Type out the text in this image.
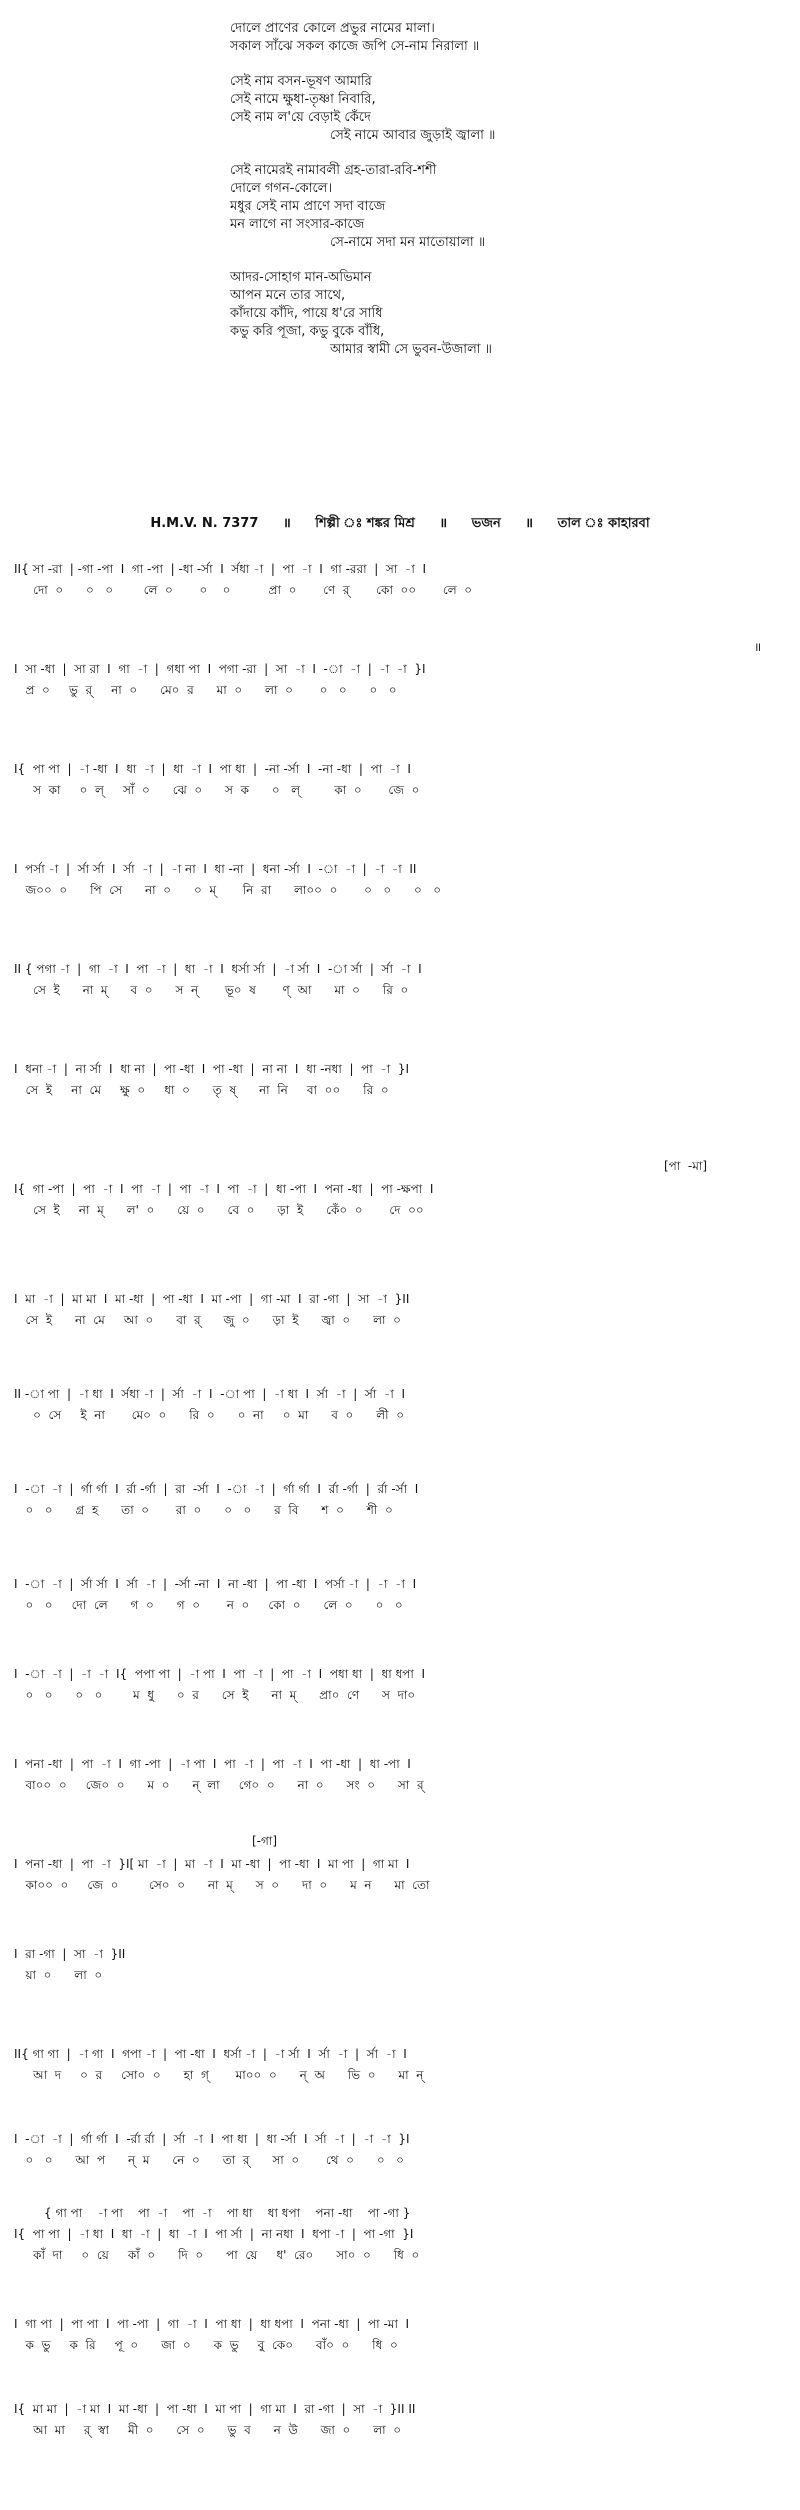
দোলে প্রাণের কোলে প্রভুর নামের মালা।
সকাল সাঁঝে সকল কাজে জপি সে-নাম নিরালা ॥
সেই নাম বসন-ভূষণ আমারি
সেই নামে ক্ষুধা-তৃষ্ণা নিবারি,
সেই নাম ল'য়ে বেড়াই কেঁদে
সেই নামে আবার জুড়াই জ্বালা ॥
সেই নামেরই নামাবলী গ্রহ-তারা-রবি-শশী
দোলে গগন-কোলে।
মধুর সেই নাম প্রাণে সদা বাজে
মন লাগে না সংসার-কাজে
সে-নামে সদা মন মাতোয়ালা ॥
আদর-সোহাগ মান-অভিমান
আপন মনে তার সাথে,
কাঁদায়ে কাঁদি, পায়ে ধ'রে সাধি
কভু করি পূজা, কভু বুকে বাঁধি,
আমার স্বামী সে ভুবন-উজালা ॥
H.M.V. N. 7377 ॥ শিল্পী ঃ শঙ্কর মিশ্র ॥ ভজন ॥ তাল ঃ কাহারবা
II{ সা -রা  | -গা -পা  I  গা -পা  | -ধা -র্সা  I  র্সধা -া  |  পা  -া  I  গা -ররা  |  সা  -া  I
দো  ০      ০   ০        লে  ০       ০    ০          প্রা  ০       ণে  র্       কো  ০০       লে  ০
॥
I  সা -ধা  |  সা রা  I  গা  -া  |  গধা পা  I  পগা -রা  |  সা  -া  I  -া  -া  |  -া  -া  }I
প্র  ০     ভু  র্     না  ০      মে০  র      মা  ০      লা  ০       ০   ০      ০   ০
I{  পা পা  |  -া -ধা  I  ধা  -া  |  ধা  -া  I  পা ধা  |  -না -র্সা  I  -না -ধা  |  পা  -া  I
স  কা     ০  ল্     সাঁ  ০      ঝে  ০      স  ক      ০   ল্         কা  ০       জে  ০
I  পর্সা -া  |  র্সা র্সা  I  র্সা  -া  |  -া না  I  ধা -না  |  ধনা -র্সা  I  -া  -া  |  -া  -া  II
জ০০  ০      পি  সে      না  ০      ০  ম্       নি  রা      লা০০  ০       ০   ০      ০   ০
II { পগা -া  |  গা  -া  I  পা  -া  |  ধা  -া  I  ধর্সা র্সা  |  -া র্সা  I  -া র্সা  |  র্সা  -া  I
সে  ই      না  ম্      ব  ০      স  ন্       ভূ০  ষ       ণ্  আ      মা  ০      রি  ০
I  ধনা -া  |  না র্সা  I  ধা না  |  পা -ধা  I  পা -ধা  |  না না  I  ধা -নধা  |  পা  -া  }I
সে  ই     না  মে     ক্ষু  ০     ধা  ০      তৃ  ষ্      না  নি     বা  ০০      রি  ০
[পা  -মা]
I{  গা -পা  |  পা  -া  I  পা  -া  |  পা  -া  I  পা  -া  |  ধা -পা  I  পনা -ধা  |  পা -ক্ষপা  I
সে  ই     না  ম্      ল'  ০      য়ে  ০      বে  ০      ড়া  ই      কেঁ০  ০       দে  ০০
I  মা  -া  |  মা মা  I  মা -ধা  |  পা -ধা  I  মা -পা  |  গা -মা  I  রা -গা  |  সা  -া  }II
সে  ই      না  মে     আ  ০      বা  র্      জু  ০      ড়া  ই      জ্বা  ০      লা  ০
II -া পা  |  -া ধা  I  র্সধা -া  |  র্সা  -া  I  -া পা  |  -া ধা  I  র্সা  -া  |  র্সা  -া  I
০  সে     ই  না       মে০  ০      রি  ০      ০  না     ০  মা      ব  ০      লী  ০
I  -া  -া  |  র্গা র্গা  I  র্রা -র্গা  |  রা  -র্সা  I  -া  -া  |  র্গা র্গা  I  র্রা -র্গা  |  র্রা -র্সা  I
০   ০      গ্র  হ      তা  ০       রা  ০      ০   ০      র  বি      শ  ০      শী  ০
I  -া  -া  |  র্সা র্সা  I  র্সা  -া  |  -র্সা -না  I  না -ধা  |  পা -ধা  I  পর্সা -া  |  -া  -া  I
০   ০     দো  লে      গ  ০      গ  ০       ন  ০     কো  ০      লে  ০      ০   ০
I  -া  -া  |  -া  -া  I{  পপা পা  |  -া পা  I  পা  -া  |  পা  -া  I  পধা ধা  |  ধা ধপা  I
০   ০      ০   ০        ম  ধু      ০  র      সে  ই      না  ম্      প্রা০  ণে      স  দা০
I  পনা -ধা  |  পা  -া  I  গা -পা  |  -া পা  I  পা  -া  |  পা  -া  I  পা -ধা  |  ধা -পা  I
বা০০  ০     জে০  ০      ম  ০      ন্  লা     গে০  ০      না  ০      সং  ০      সা  র্
[-গা]
I  পনা -ধা  |  পা  -া  }I[ মা  -া  |  মা  -া  I  মা -ধা  |  পা -ধা  I  মা পা  |  গা মা  I
কা০০  ০     জে  ০        সে০  ০      না  ম্      স  ০      দা  ০      ম  ন      মা  তো
I  রা -গা  |  সা  -া  }II
য়া  ০      লা  ০
II{ গা গা  |  -া গা  I  গপা -া  |  পা -ধা  I  ধর্সা -া  |  -া র্সা  I  র্সা  -া  |  র্সা  -া  I
আ  দ     ০  র     সো০  ০      হা  গ্       মা০০  ০      ন্  অ      ভি  ০      মা  ন্
I  -া  -া  |  র্গা র্গা  I  -র্রা র্রা  |  র্সা  -া  I  পা ধা  |  ধা -র্সা  I  র্সা  -া  |  -া  -া  }I
০   ০      আ  প      ন্  ম      নে  ০      তা  র্      সা  ০       থে  ০      ০   ০
{ গা পা    -া পা    পা  -া    পা  -া    পা ধা    ধা ধপা    পনা -ধা    পা -গা }
I{  পা পা  |  -া ধা  I  ধা  -া  |  ধা  -া  I  পা র্সা  |  না নধা  I  ধপা -া  |  পা -গা  }I
কাঁ  দা     ০  য়ে     কাঁ  ০      দি  ০      পা  য়ে     ধ'  রে০      সা০  ০      ধি  ০
I  গা পা  |  পা পা  I  পা -পা  |  গা  -া  I  পা ধা  |  ধা ধপা  I  পনা -ধা  |  পা -মা  I
ক  ভু     ক  রি     পূ  ০      জা  ০      ক  ভু     বু  কে০      বাঁ০  ০      ধি  ০
I{  মা মা  |  -া মা  I  মা -ধা  |  পা -ধা  I  মা পা  |  গা মা  I  রা -গা  |  সা  -া  }II II
আ  মা     র্  স্বা     মী  ০      সে  ০      ভু  ব      ন  উ      জা  ০      লা  ০
